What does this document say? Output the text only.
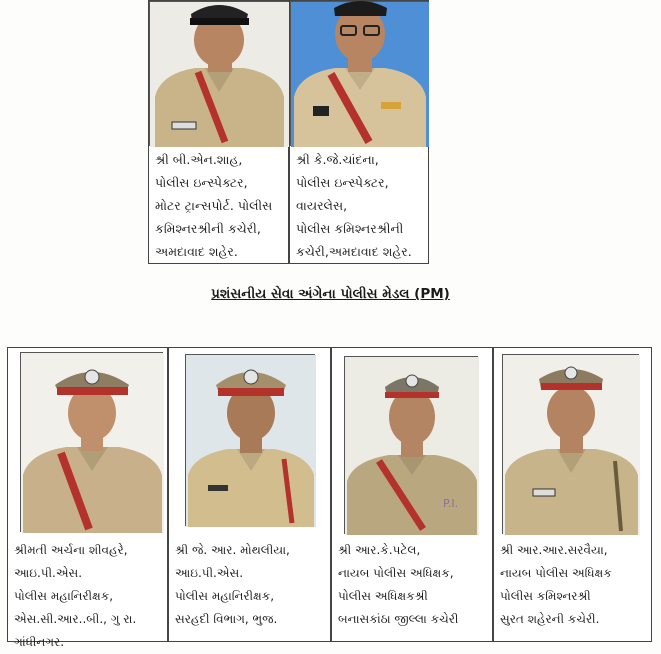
શ્રી બી.એન.શાહ,
પોલીસ ઇન્સ્પેક્ટર,
મોટર ટ્રાન્સપોર્ટ. પોલીસ
કમિશ્નરશ્રીની કચેરી,
અમદાવાદ શહેર.
શ્રી કે.જે.ચાંદના,
પોલીસ ઇન્સ્પેક્ટર,
વાયરલેસ,
પોલીસ કમિશ્નરશ્રીની
કચેરી,અમદાવાદ શહેર.
પ્રશંસનીય સેવા અંગેના પોલીસ મેડલ (PM)
શ્રીમતી અર્ચના શીવહરે,
આઇ.પી.એસ.
પોલીસ મહાનિરીક્ષક,
એસ.સી.આર..બી., ગુ રા.
ગાંધીનગર.
શ્રી જે. આર. મોથલીયા,
આઇ.પી.એસ.
પોલીસ મહાનિરીક્ષક,
સરહદી વિભાગ, ભુજ.
P.I.
શ્રી આર.કે.પટેલ,
નાયબ પોલીસ અધિક્ષક,
પોલીસ અધિક્ષકશ્રી
બનાસકાંઠા જીલ્લા કચેરી
શ્રી આર.આર.સરવૈયા,
નાયબ પોલીસ અધિક્ષક
પોલીસ કમિશ્નરશ્રી
સુરત શહેરની કચેરી.
